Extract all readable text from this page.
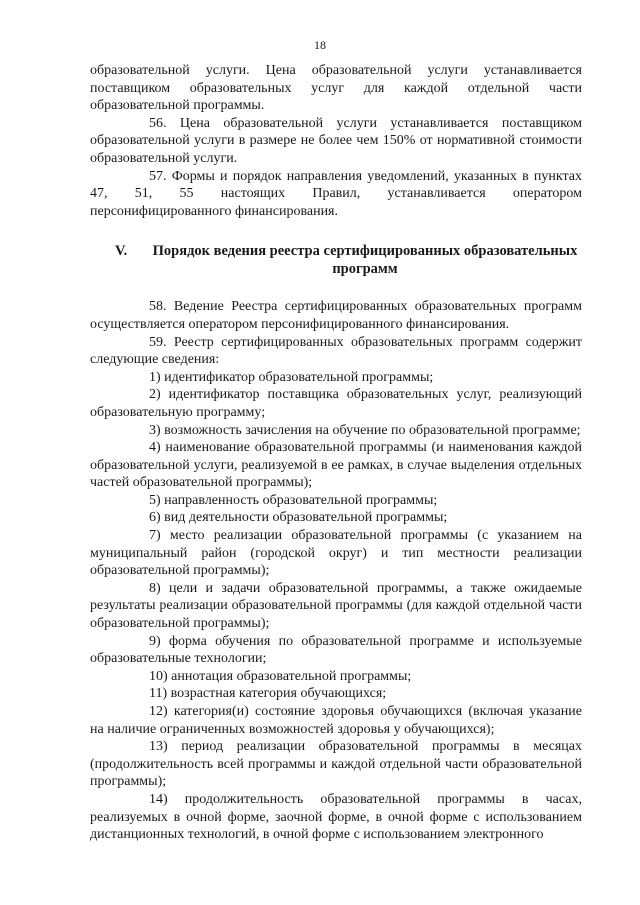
18

образовательной услуги. Цена образовательной услуги устанавливается поставщиком образовательных услуг для каждой отдельной части образовательной программы.

56. Цена образовательной услуги устанавливается поставщиком образовательной услуги в размере не более чем 150% от нормативной стоимости образовательной услуги.

57. Формы и порядок направления уведомлений, указанных в пунктах 47, 51, 55 настоящих Правил, устанавливается оператором персонифицированного финансирования.

V.	Порядок ведения реестра сертифицированных образовательных программ

58. Ведение Реестра сертифицированных образовательных программ осуществляется оператором персонифицированного финансирования.

59. Реестр сертифицированных образовательных программ содержит следующие сведения:

1) идентификатор образовательной программы;

2) идентификатор поставщика образовательных услуг, реализующий образовательную программу;

3) возможность зачисления на обучение по образовательной программе;

4) наименование образовательной программы (и наименования каждой образовательной услуги, реализуемой в ее рамках, в случае выделения отдельных частей образовательной программы);

5) направленность образовательной программы;

6) вид деятельности образовательной программы;

7) место реализации образовательной программы (с указанием на муниципальный район (городской округ) и тип местности реализации образовательной программы);

8) цели и задачи образовательной программы, а также ожидаемые результаты реализации образовательной программы (для каждой отдельной части образовательной программы);

9) форма обучения по образовательной программе и используемые образовательные технологии;

10) аннотация образовательной программы;

11) возрастная категория обучающихся;

12) категория(и) состояние здоровья обучающихся (включая указание на наличие ограниченных возможностей здоровья у обучающихся);

13) период реализации образовательной программы в месяцах (продолжительность всей программы и каждой отдельной части образовательной программы);

14) продолжительность образовательной программы в часах, реализуемых в очной форме, заочной форме, в очной форме с использованием дистанционных технологий, в очной форме с использованием электронного
